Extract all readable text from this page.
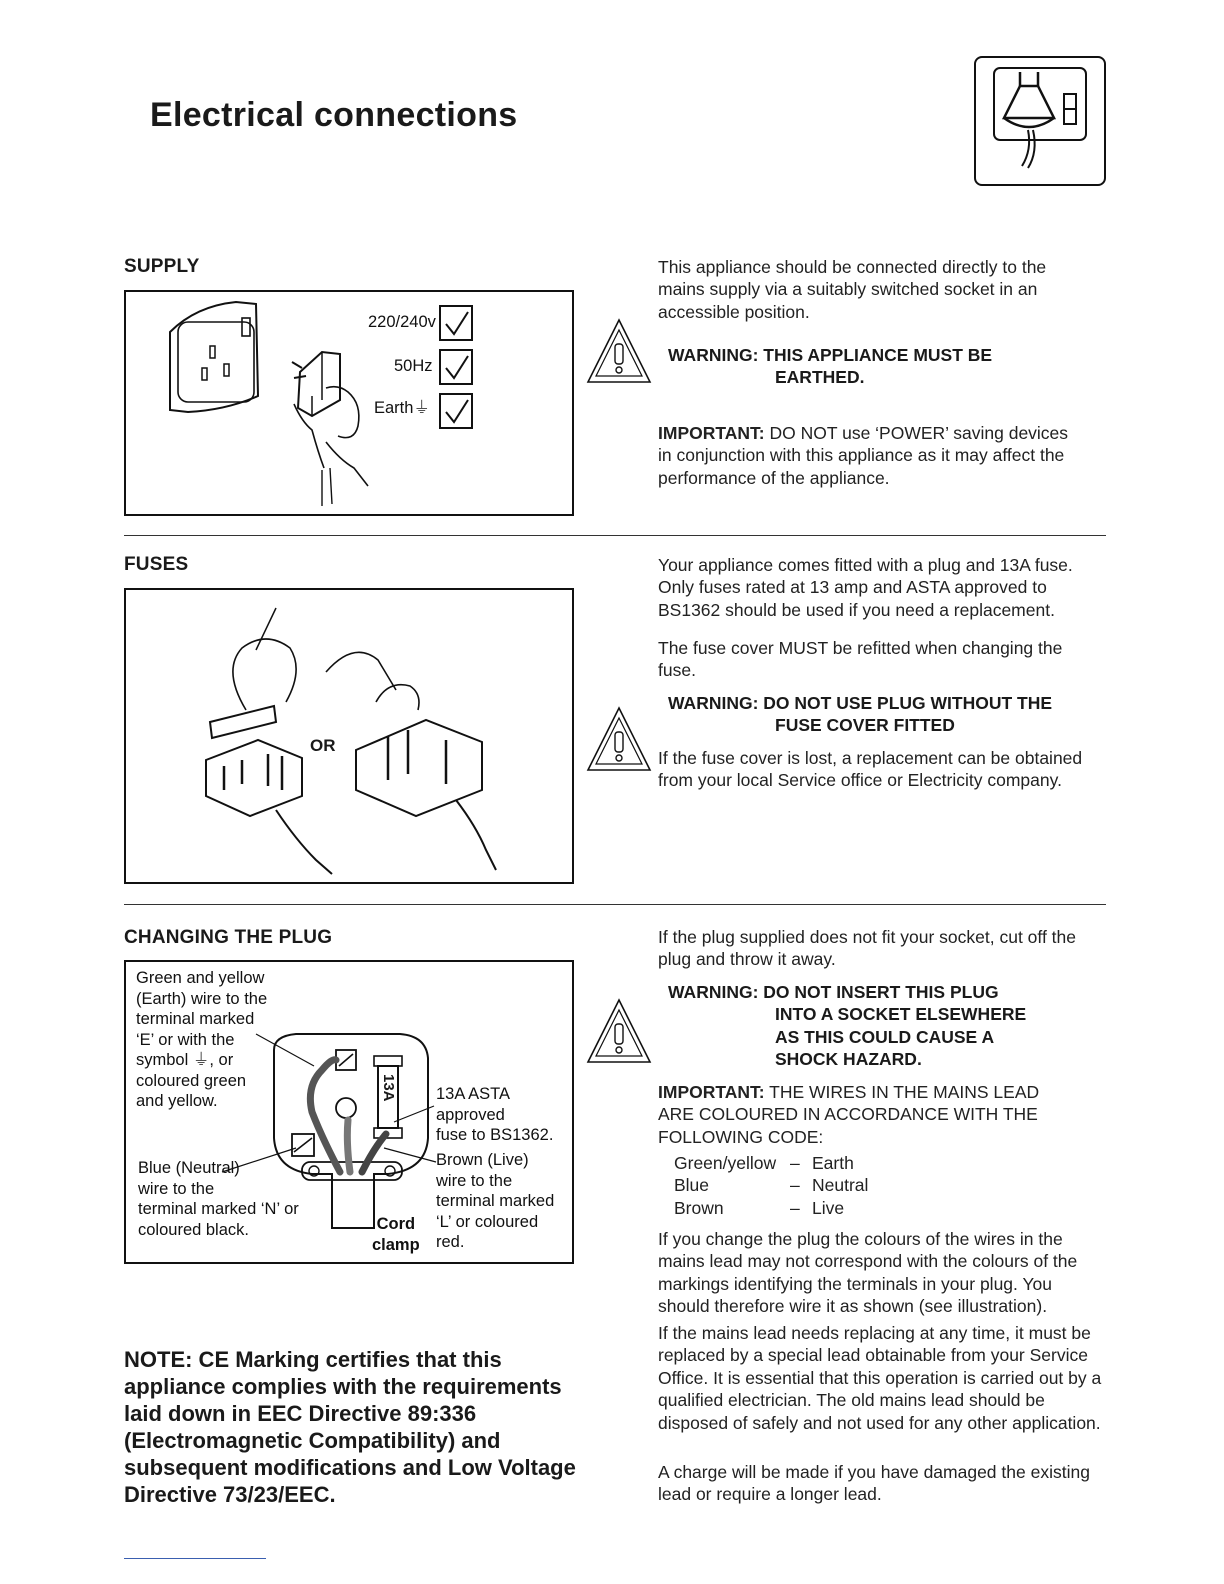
Electrical connections
SUPPLY
220/240v
50Hz
Earth⏚
This appliance should be connected directly to the mains supply via a suitably switched socket in an accessible position.
WARNING: THIS APPLIANCE MUST BE
EARTHED.
IMPORTANT: DO NOT use ‘POWER’ saving devices in conjunction with this appliance as it may affect the performance of the appliance.
FUSES
OR
Your appliance comes fitted with a plug and 13A fuse. Only fuses rated at 13 amp and ASTA approved to BS1362 should be used if you need a replacement.
The fuse cover MUST be refitted when changing the fuse.
WARNING: DO NOT USE PLUG WITHOUT THE
FUSE COVER FITTED
If the fuse cover is lost, a replacement can be obtained from your local Service office or Electricity company.
CHANGING THE PLUG
13A
Green and yellow
(Earth) wire to the
terminal marked
‘E’ or with the
symbol ⏚, or
coloured green
and yellow.	13A ASTA
approved
fuse to BS1362.
Blue (Neutral)
wire to the
terminal marked ‘N’ or
coloured black.
Brown (Live)
wire to the
terminal marked
‘L’ or coloured
red.
Cord
clamp
If the plug supplied does not fit your socket, cut off the plug and throw it away.
WARNING: DO NOT INSERT THIS PLUG
INTO A SOCKET ELSEWHERE
AS THIS COULD CAUSE A
SHOCK HAZARD.
IMPORTANT: THE WIRES IN THE MAINS LEAD ARE COLOURED IN ACCORDANCE WITH THE FOLLOWING CODE:
Green/yellow – Earth
Blue	– Neutral
Brown	– Live
If you change the plug the colours of the wires in the mains lead may not correspond with the colours of the markings identifying the terminals in your plug. You should therefore wire it as shown (see illustration).
If the mains lead needs replacing at any time, it must be replaced by a special lead obtainable from your Service Office. It is essential that this operation is carried out by a qualified electrician. The old mains lead should be disposed of safely and not used for any other application.
A charge will be made if you have damaged the existing lead or require a longer lead.
NOTE: CE Marking certifies that this appliance complies with the requirements laid down in EEC Directive 89:336 (Electromagnetic Compatibility) and subsequent modifications and Low Voltage Directive 73/23/EEC.
